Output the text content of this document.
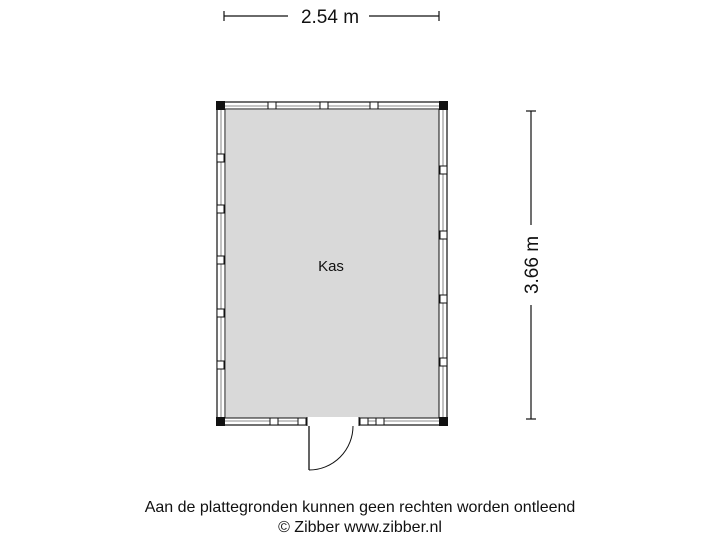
2.54 m
3.66 m
Kas
Aan de plattegronden kunnen geen rechten worden ontleend
© Zibber www.zibber.nl
